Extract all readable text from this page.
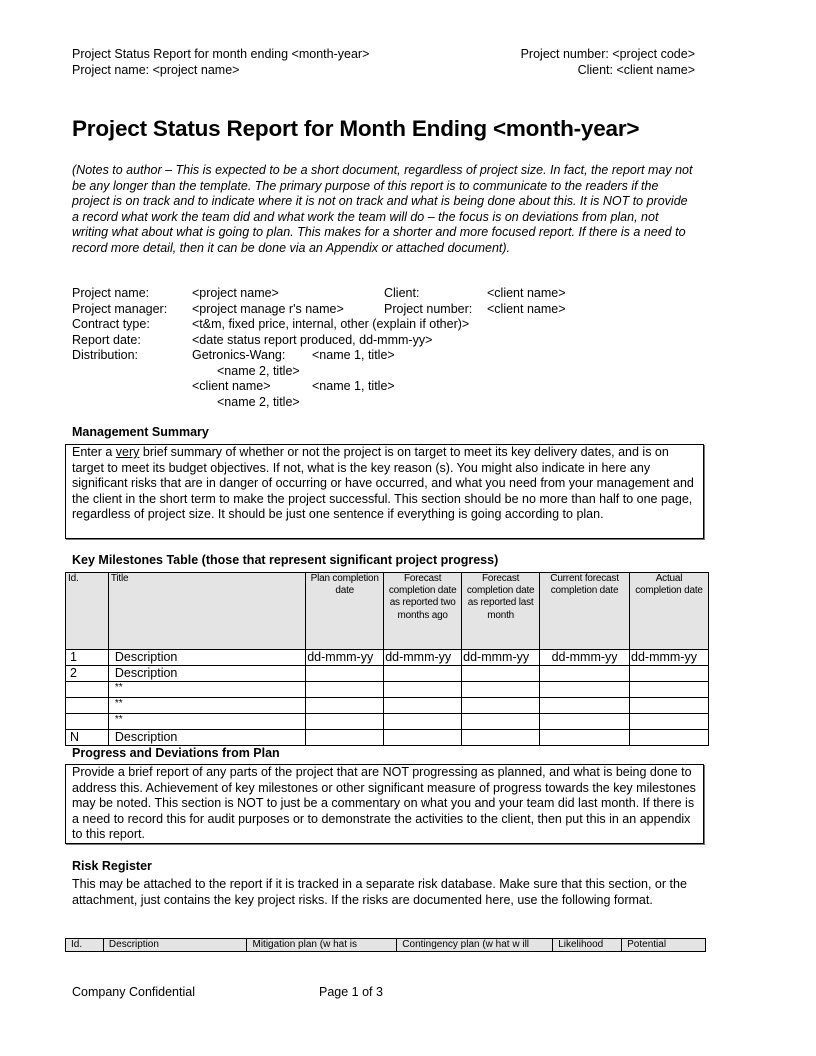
Project Status Report for month ending <month-year>
Project name: <project name>
Project number: <project code>
Client: <client name>
Project Status Report for Month Ending <month-year>
(Notes to author – This is expected to be a short document, regardless of project size. In fact, the report may not be any longer than the template. The primary purpose of this report is to communicate to the readers if the project is on track and to indicate where it is not on track and what is being done about this. It is NOT to provide a record what work the team did and what work the team will do – the focus is on deviations from plan, not writing what about what is going to plan. This makes for a shorter and more focused report. If there is a need to record more detail, then it can be done via an Appendix or attached document).
Project name:	<project name>	Client:	<client name>
Project manager: <project manage r's name>	Project number: <client name>
Contract type:	<t&m, fixed price, internal, other (explain if other)>
Report date:	<date status report produced, dd-mmm-yy>
Distribution:	Getronics-Wang: <name 1, title>
<name 2, title>
<client name>	<name 1, title>
<name 2, title>
Management Summary
Enter a very brief summary of whether or not the project is on target to meet its key delivery dates, and is on target to meet its budget objectives. If not, what is the key reason (s). You might also indicate in here any significant risks that are in danger of occurring or have occurred, and what you need from your management and the client in the short term to make the project successful. This section should be no more than half to one page, regardless of project size. It should be just one sentence if everything is going according to plan.
Key Milestones Table (those that represent significant project progress)
Id.	Title	Plan completion date	Forecast completion date as reported two months ago	Forecast completion date as reported last month	Current forecast completion date	Actual completion date
1	Description	dd-mmm-yy	dd-mmm-yy	dd-mmm-yy	dd-mmm-yy	dd-mmm-yy
2	Description					
	**					
	**					
	**					
N	Description					
Progress and Deviations from Plan
Provide a brief report of any parts of the project that are NOT progressing as planned, and what is being done to address this. Achievement of key milestones or other significant measure of progress towards the key milestones may be noted. This section is NOT to just be a commentary on what you and your team did last month. If there is a need to record this for audit purposes or to demonstrate the activities to the client, then put this in an appendix to this report.
Risk Register
This may be attached to the report if it is tracked in a separate risk database. Make sure that this section, or the attachment, just contains the key project risks. If the risks are documented here, use the following format.
Id.	Description	Mitigation plan (w hat is	Contingency plan (w hat w ill	Likelihood	Potential
Company Confidential	Page 1 of 3
